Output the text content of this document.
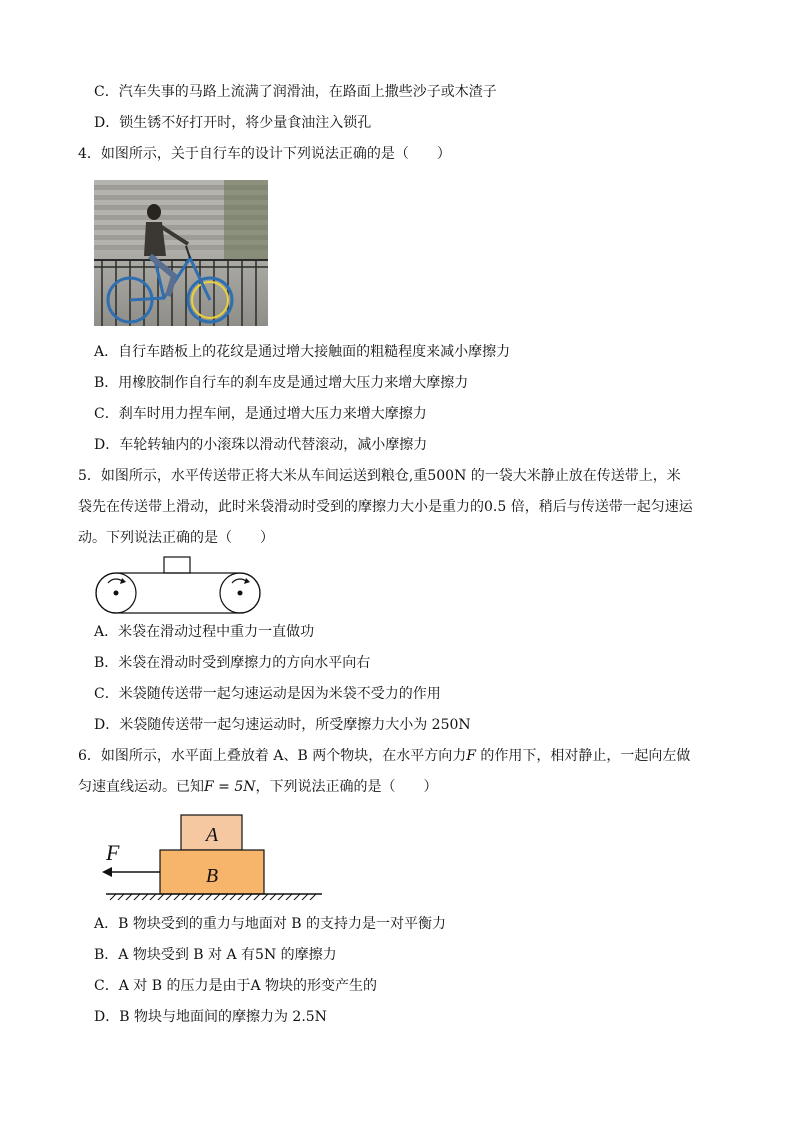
C．汽车失事的马路上流满了润滑油，在路面上撒些沙子或木渣子
D．锁生锈不好打开时，将少量食油注入锁孔
4．如图所示，关于自行车的设计下列说法正确的是（　　）
A．自行车踏板上的花纹是通过增大接触面的粗糙程度来减小摩擦力
B．用橡胶制作自行车的刹车皮是通过增大压力来增大摩擦力
C．刹车时用力捏车闸，是通过增大压力来增大摩擦力
D．车轮转轴内的小滚珠以滑动代替滚动，减小摩擦力
5．如图所示，水平传送带正将大米从车间运送到粮仓,重500N 的一袋大米静止放在传送带上，米
袋先在传送带上滑动，此时米袋滑动时受到的摩擦力大小是重力的0.5 倍，稍后与传送带一起匀速运
动。下列说法正确的是（　　）
A．米袋在滑动过程中重力一直做功
B．米袋在滑动时受到摩擦力的方向水平向右
C．米袋随传送带一起匀速运动是因为米袋不受力的作用
D．米袋随传送带一起匀速运动时，所受摩擦力大小为 250N
6．如图所示，水平面上叠放着 A、B 两个物块，在水平方向力F 的作用下，相对静止，一起向左做
匀速直线运动。已知F = 5N，下列说法正确的是（　　）
A
B
F
A．B 物块受到的重力与地面对 B 的支持力是一对平衡力
B．A 物块受到 B 对 A 有5N 的摩擦力
C．A 对 B 的压力是由于A 物块的形变产生的
D．B 物块与地面间的摩擦力为 2.5N
